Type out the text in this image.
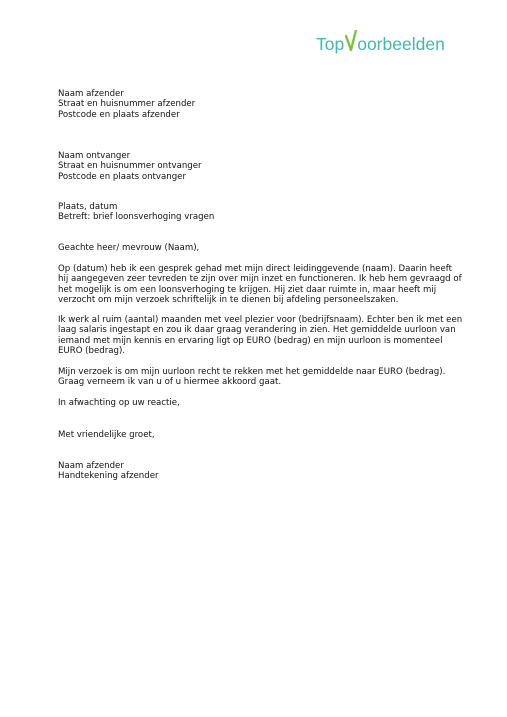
Top oorbeelden
Naam afzender
Straat en huisnummer afzender
Postcode en plaats afzender
Naam ontvanger
Straat en huisnummer ontvanger
Postcode en plaats ontvanger
Plaats, datum
Betreft: brief loonsverhoging vragen
Geachte heer/ mevrouw (Naam),
Op (datum) heb ik een gesprek gehad met mijn direct leidinggevende (naam). Daarin heeft
hij aangegeven zeer tevreden te zijn over mijn inzet en functioneren. Ik heb hem gevraagd of
het mogelijk is om een loonsverhoging te krijgen. Hij ziet daar ruimte in, maar heeft mij
verzocht om mijn verzoek schriftelijk in te dienen bij afdeling personeelszaken.
Ik werk al ruim (aantal) maanden met veel plezier voor (bedrijfsnaam). Echter ben ik met een
laag salaris ingestapt en zou ik daar graag verandering in zien. Het gemiddelde uurloon van
iemand met mijn kennis en ervaring ligt op EURO (bedrag) en mijn uurloon is momenteel
EURO (bedrag).
Mijn verzoek is om mijn uurloon recht te rekken met het gemiddelde naar EURO (bedrag).
Graag verneem ik van u of u hiermee akkoord gaat.
In afwachting op uw reactie,
Met vriendelijke groet,
Naam afzender
Handtekening afzender
